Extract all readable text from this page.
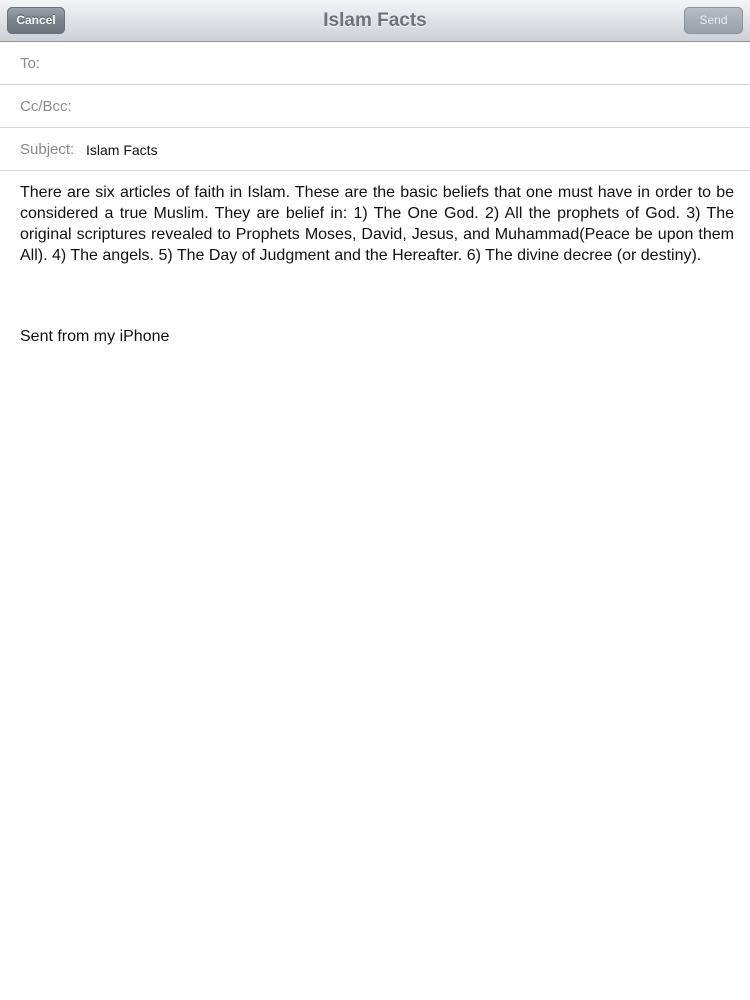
Cancel	Islam Facts	Send
To:
Cc/Bcc:
Subject: Islam Facts
There are six articles of faith in Islam. These are the basic beliefs that one must have in order to be considered a true Muslim. They are belief in: 1) The One God. 2) All the prophets of God. 3) The original scriptures revealed to Prophets Moses, David, Jesus, and Muhammad(Peace be upon them All). 4) The angels. 5) The Day of Judgment and the Hereafter. 6) The divine decree (or destiny).
Sent from my iPhone
